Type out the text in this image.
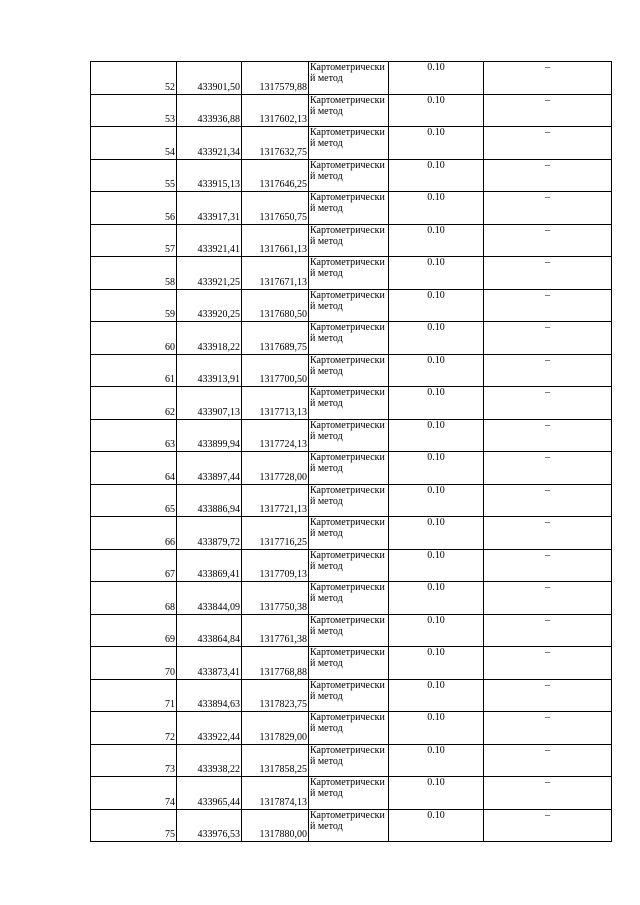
52	433901,50	1317579,88	Картометрический метод	0.10	–
53	433936,88	1317602,13	Картометрический метод	0.10	–
54	433921,34	1317632,75	Картометрический метод	0.10	–
55	433915,13	1317646,25	Картометрический метод	0.10	–
56	433917,31	1317650,75	Картометрический метод	0.10	–
57	433921,41	1317661,13	Картометрический метод	0.10	–
58	433921,25	1317671,13	Картометрический метод	0.10	–
59	433920,25	1317680,50	Картометрический метод	0.10	–
60	433918,22	1317689,75	Картометрический метод	0.10	–
61	433913,91	1317700,50	Картометрический метод	0.10	–
62	433907,13	1317713,13	Картометрический метод	0.10	–
63	433899,94	1317724,13	Картометрический метод	0.10	–
64	433897,44	1317728,00	Картометрический метод	0.10	–
65	433886,94	1317721,13	Картометрический метод	0.10	–
66	433879,72	1317716,25	Картометрический метод	0.10	–
67	433869,41	1317709,13	Картометрический метод	0.10	–
68	433844,09	1317750,38	Картометрический метод	0.10	–
69	433864,84	1317761,38	Картометрический метод	0.10	–
70	433873,41	1317768,88	Картометрический метод	0.10	–
71	433894,63	1317823,75	Картометрический метод	0.10	–
72	433922,44	1317829,00	Картометрический метод	0.10	–
73	433938,22	1317858,25	Картометрический метод	0.10	–
74	433965,44	1317874,13	Картометрический метод	0.10	–
75	433976,53	1317880,00	Картометрический метод	0.10	–
